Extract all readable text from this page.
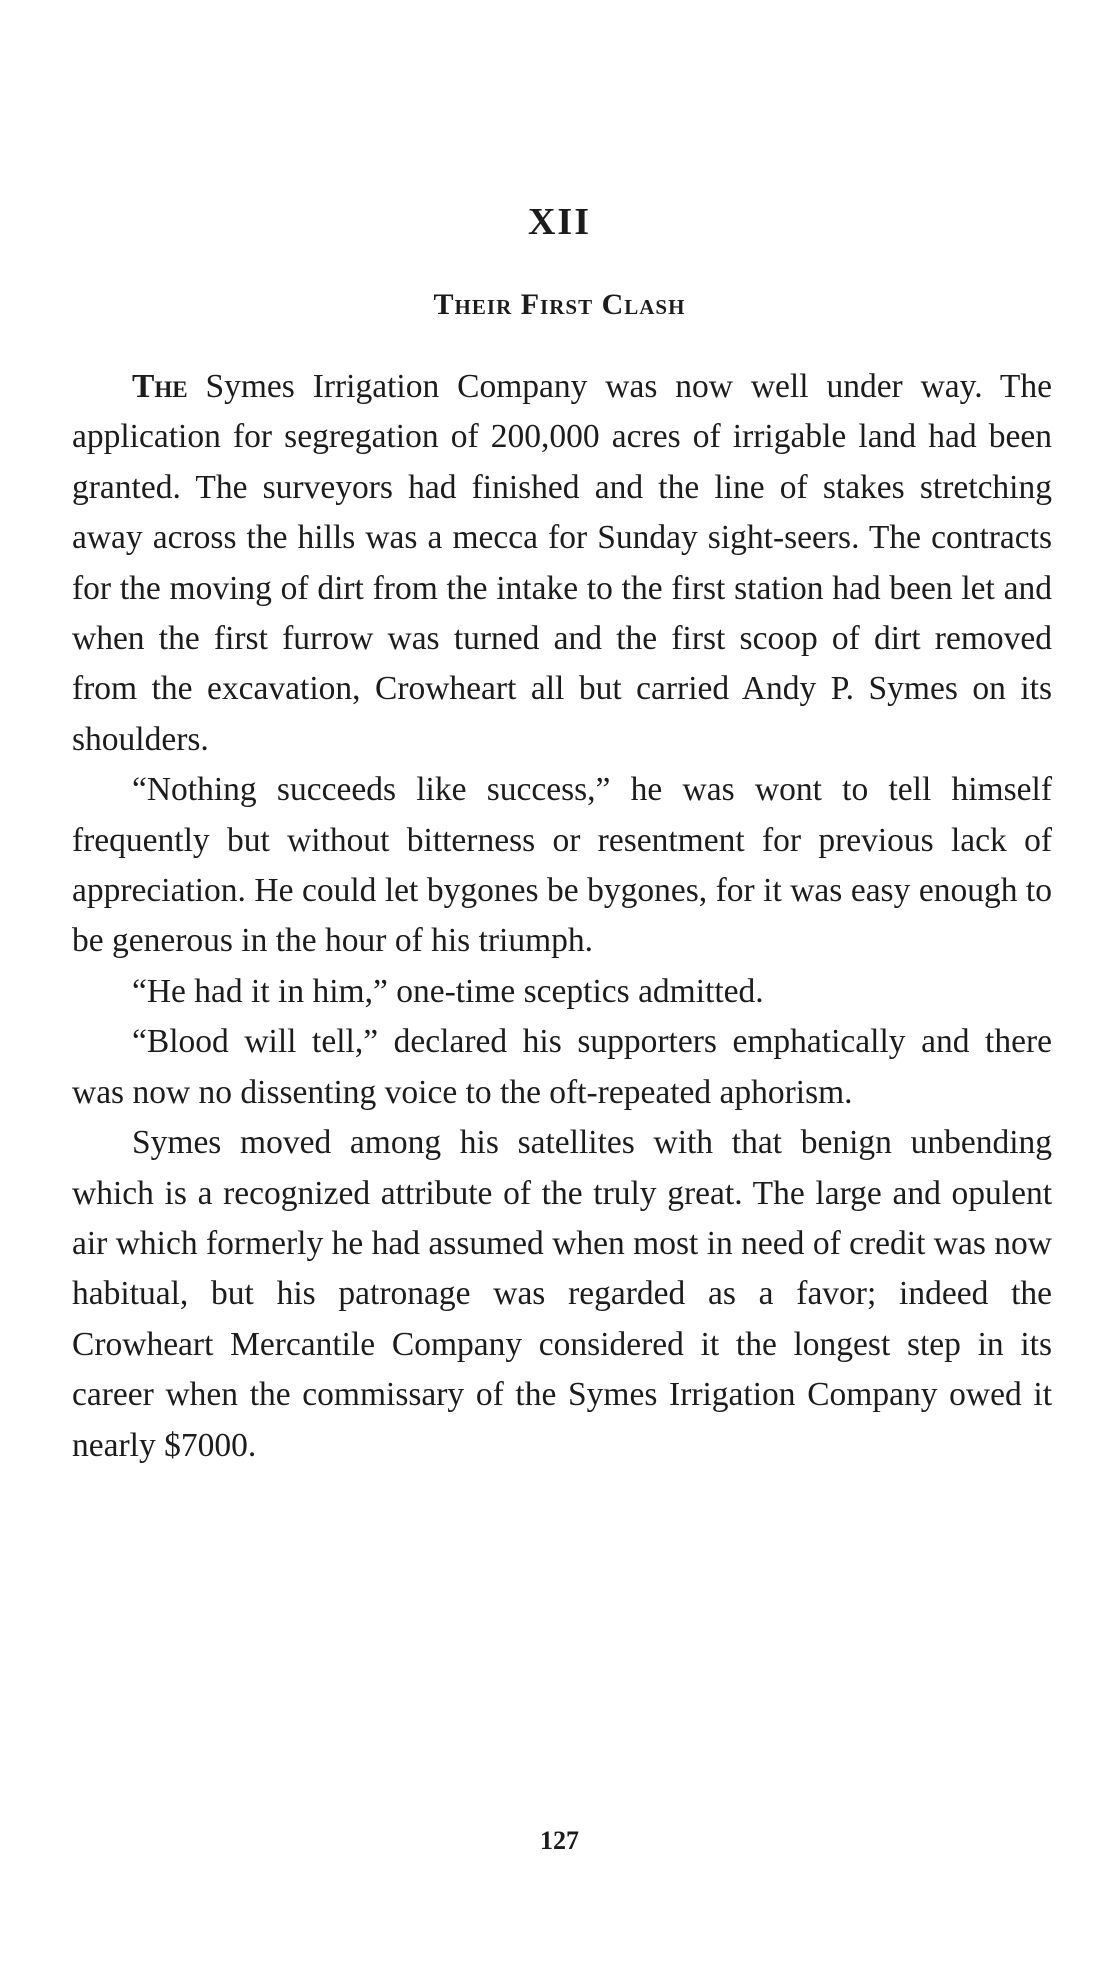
XII
Their First Clash

The Symes Irrigation Company was now well under way. The application for segregation of 200,000 acres of irrigable land had been granted. The surveyors had finished and the line of stakes stretching away across the hills was a mecca for Sunday sight-seers. The contracts for the moving of dirt from the intake to the first station had been let and when the first furrow was turned and the first scoop of dirt removed from the excavation, Crowheart all but carried Andy P. Symes on its shoulders.

“Nothing succeeds like success,” he was wont to tell himself frequently but without bitterness or resentment for previous lack of appreciation. He could let bygones be bygones, for it was easy enough to be generous in the hour of his triumph.

“He had it in him,” one-time sceptics admitted.

“Blood will tell,” declared his supporters emphatically and there was now no dissenting voice to the oft-repeated aphorism.

Symes moved among his satellites with that benign unbending which is a recognized attribute of the truly great. The large and opulent air which formerly he had assumed when most in need of credit was now habitual, but his patronage was regarded as a favor; indeed the Crowheart Mercantile Company considered it the longest step in its career when the commissary of the Symes Irrigation Company owed it nearly $7000.

127
